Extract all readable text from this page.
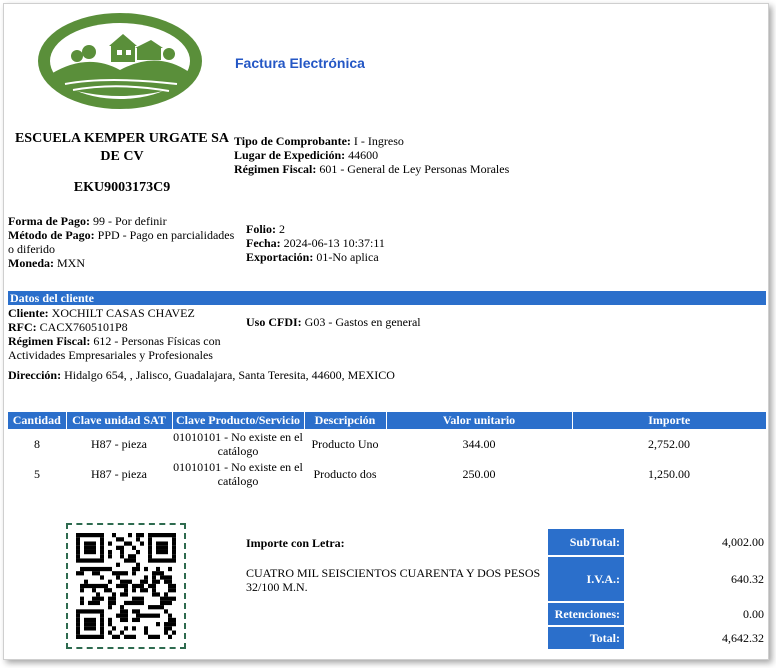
Factura Electrónica
ESCUELA KEMPER URGATE SA DE CV
EKU9003173C9
Tipo de Comprobante: I - Ingreso
Lugar de Expedición: 44600
Régimen Fiscal: 601 - General de Ley Personas Morales
Forma de Pago: 99 - Por definir
Método de Pago: PPD - Pago en parcialidades o diferido
Moneda: MXN
Folio: 2
Fecha: 2024-06-13 10:37:11
Exportación: 01-No aplica
Datos del cliente
Cliente: XOCHILT CASAS CHAVEZ
RFC: CACX7605101P8
Régimen Fiscal: 612 - Personas Físicas con Actividades Empresariales y Profesionales
Uso CFDI: G03 - Gastos en general
Dirección: Hidalgo 654, , Jalisco, Guadalajara, Santa Teresita, 44600, MEXICO
Cantidad	Clave unidad SAT	Clave Producto/Servicio	Descripción	Valor unitario	Importe
8	H87 - pieza	01010101 - No existe en el catálogo	Producto Uno	344.00	2,752.00
5	H87 - pieza	01010101 - No existe en el catálogo	Producto dos	250.00	1,250.00
Importe con Letra:
CUATRO MIL SEISCIENTOS CUARENTA Y DOS PESOS 32/100 M.N.
SubTotal:	4,002.00
I.V.A.:	640.32
Retenciones:	0.00
Total:	4,642.32
